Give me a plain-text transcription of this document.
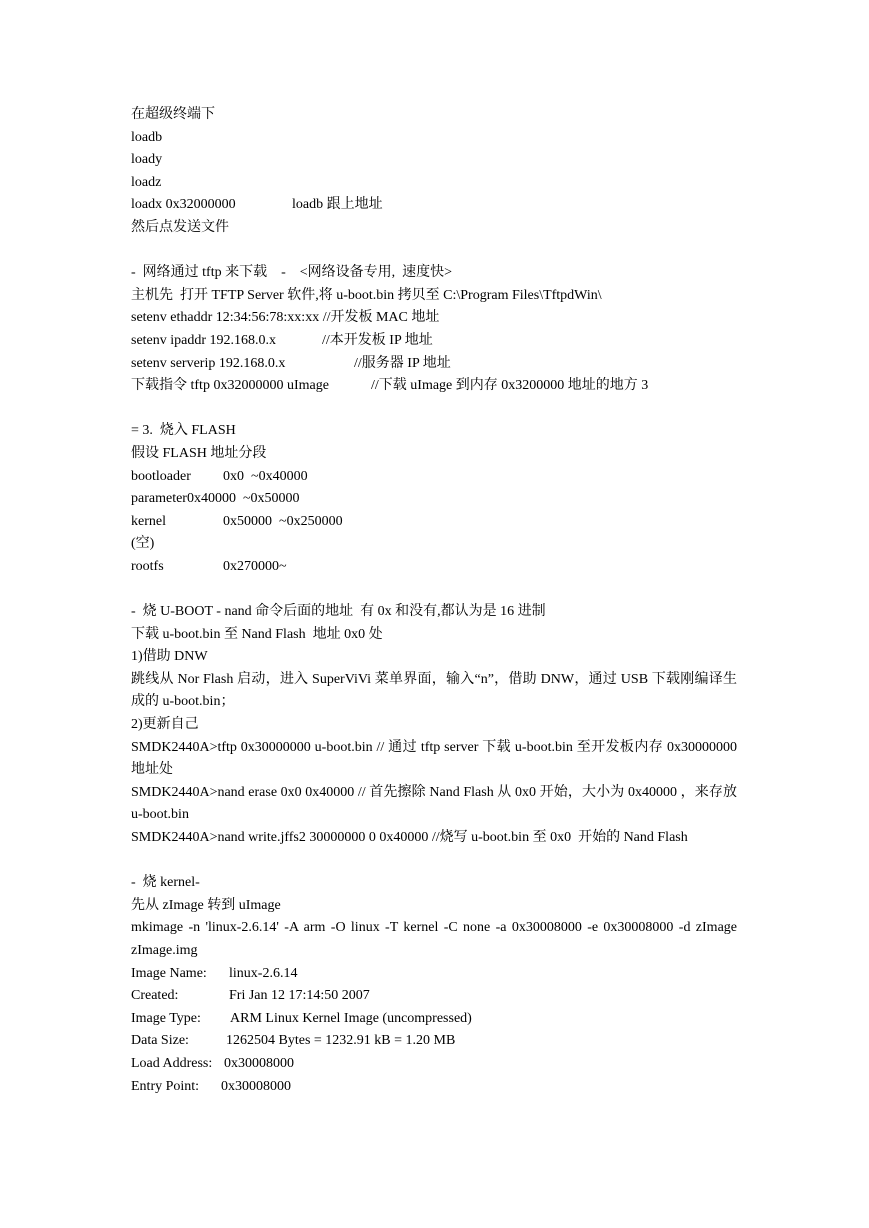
在超级终端下
loadb
loady
loadz
loadx 0x32000000	loadb 跟上地址
然后点发送文件
-  网络通过 tftp 来下载    -    <网络设备专用,  速度快>
主机先  打开 TFTP Server 软件,将 u-boot.bin 拷贝至 C:\Program Files\TftpdWin\
setenv ethaddr 12:34:56:78:xx:xx //开发板 MAC 地址
setenv ipaddr 192.168.0.x	//本开发板 IP 地址
setenv serverip 192.168.0.x	//服务器 IP 地址
下载指令 tftp 0x32000000 uImage	//下载 uImage 到内存 0x3200000 地址的地方 3
= 3.  烧入 FLASH
假设 FLASH 地址分段
bootloader	0x0  ~0x40000
parameter0x40000  ~0x50000
kernel	0x50000  ~0x250000
(空)
rootfs	0x270000~
-  烧 U-BOOT - nand 命令后面的地址  有 0x 和没有,都认为是 16 进制
下载 u-boot.bin 至 Nand Flash  地址 0x0 处
1)借助 DNW
跳线从 Nor Flash 启动，进入 SuperViVi 菜单界面，输入“n”，借助 DNW，通过 USB 下载刚编译生成的 u-boot.bin；
2)更新自己
SMDK2440A>tftp 0x30000000 u-boot.bin // 通过 tftp server 下载 u-boot.bin 至开发板内存 0x30000000 地址处
SMDK2440A>nand erase 0x0 0x40000 // 首先擦除 Nand Flash 从 0x0 开始，大小为 0x40000 ，来存放 u-boot.bin
SMDK2440A>nand write.jffs2 30000000 0 0x40000 //烧写 u-boot.bin 至 0x0  开始的 Nand Flash
-  烧 kernel-
先从 zImage 转到 uImage
mkimage -n 'linux-2.6.14' -A arm -O linux -T kernel -C none -a 0x30008000 -e 0x30008000 -d zImage zImage.img
Image Name:	linux-2.6.14
Created:	Fri Jan 12 17:14:50 2007
Image Type:	ARM Linux Kernel Image (uncompressed)
Data Size:	1262504 Bytes = 1232.91 kB = 1.20 MB
Load Address: 0x30008000
Entry Point:	0x30008000
